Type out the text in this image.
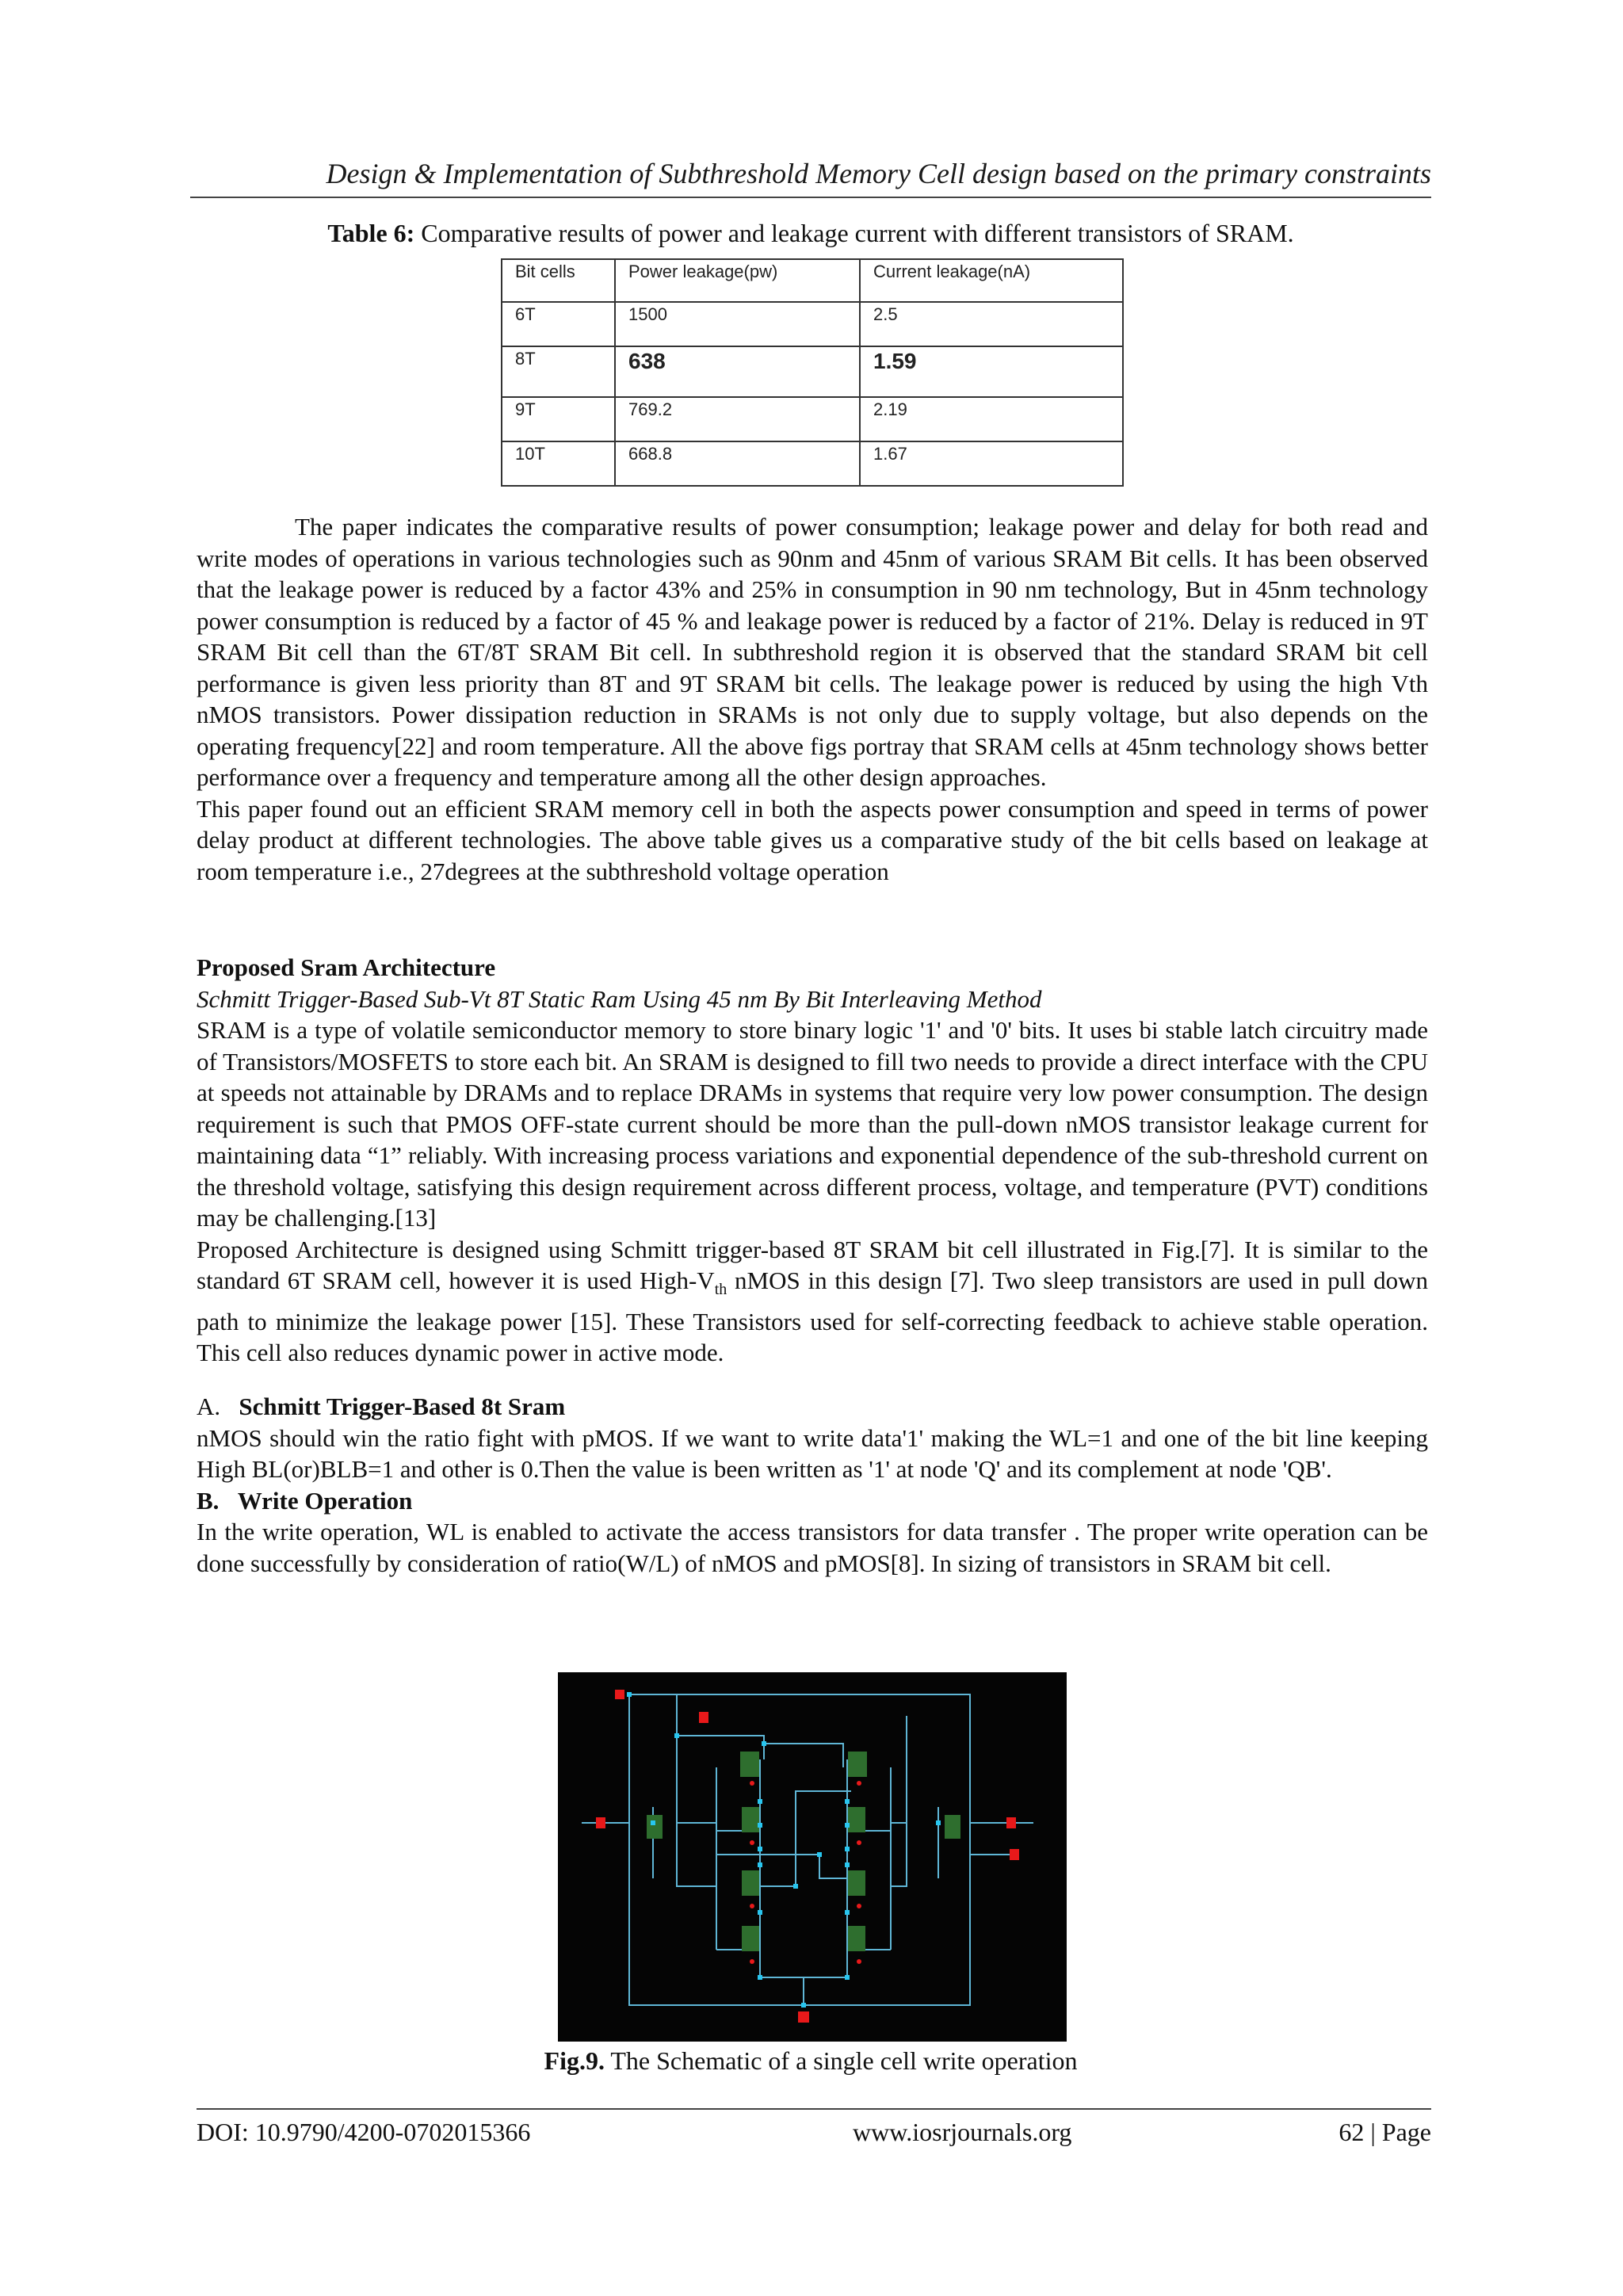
Design & Implementation of Subthreshold Memory Cell design based on the primary constraints
Table 6: Comparative results of power and leakage current with different transistors of SRAM.
Bit cells	Power leakage(pw)	Current leakage(nA)
6T	1500	2.5
8T	638	1.59
9T	769.2	2.19
10T	668.8	1.67

The paper indicates the comparative results of power consumption; leakage power and delay for both read and write modes of operations in various technologies such as 90nm and 45nm of various SRAM Bit cells. It has been observed that the leakage power is reduced by a factor 43% and 25% in consumption in 90 nm technology, But in 45nm technology power consumption is reduced by a factor of 45 % and leakage power is reduced by a factor of 21%. Delay is reduced in 9T SRAM Bit cell than the 6T/8T SRAM Bit cell. In subthreshold region it is observed that the standard SRAM bit cell performance is given less priority than 8T and 9T SRAM bit cells. The leakage power is reduced by using the high Vth nMOS transistors. Power dissipation reduction in SRAMs is not only due to supply voltage, but also depends on the operating frequency[22] and room temperature. All the above figs portray that SRAM cells at 45nm technology shows better performance over a frequency and temperature among all the other design approaches.

This paper found out an efficient SRAM memory cell in both the aspects power consumption and speed in terms of power delay product at different technologies. The above table gives us a comparative study of the bit cells based on leakage at room temperature i.e., 27degrees at the subthreshold voltage operation

Proposed Sram Architecture

Schmitt Trigger-Based Sub-Vt 8T Static Ram Using 45 nm By Bit Interleaving Method

SRAM is a type of volatile semiconductor memory to store binary logic '1' and '0' bits. It uses bi stable latch circuitry made of Transistors/MOSFETS to store each bit. An SRAM is designed to fill two needs to provide a direct interface with the CPU at speeds not attainable by DRAMs and to replace DRAMs in systems that require very low power consumption. The design requirement is such that PMOS OFF-state current should be more than the pull-down nMOS transistor leakage current for maintaining data “1” reliably. With increasing process variations and exponential dependence of the sub-threshold current on the threshold voltage, satisfying this design requirement across different process, voltage, and temperature (PVT) conditions may be challenging.[13]

Proposed Architecture is designed using Schmitt trigger-based 8T SRAM bit cell illustrated in Fig.[7]. It is similar to the standard 6T SRAM cell, however it is used High-$V_{th}$ nMOS in this design [7]. Two sleep transistors are used in pull down path to minimize the leakage power [15]. These Transistors used for self-correcting feedback to achieve stable operation. This cell also reduces dynamic power in active mode.

A. Schmitt Trigger-Based 8t Sram

nMOS should win the ratio fight with pMOS. If we want to write data'1' making the WL=1 and one of the bit line keeping High BL(or)BLB=1 and other is 0.Then the value is been written as '1' at node 'Q' and its complement at node 'QB'.

B. Write Operation

In the write operation, WL is enabled to activate the access transistors for data transfer . The proper write operation can be done successfully by consideration of ratio(W/L) of nMOS and pMOS[8]. In sizing of transistors in SRAM bit cell.

Fig.9. The Schematic of a single cell write operation
DOI: 10.9790/4200-0702015366	www.iosrjournals.org	62 | Page
